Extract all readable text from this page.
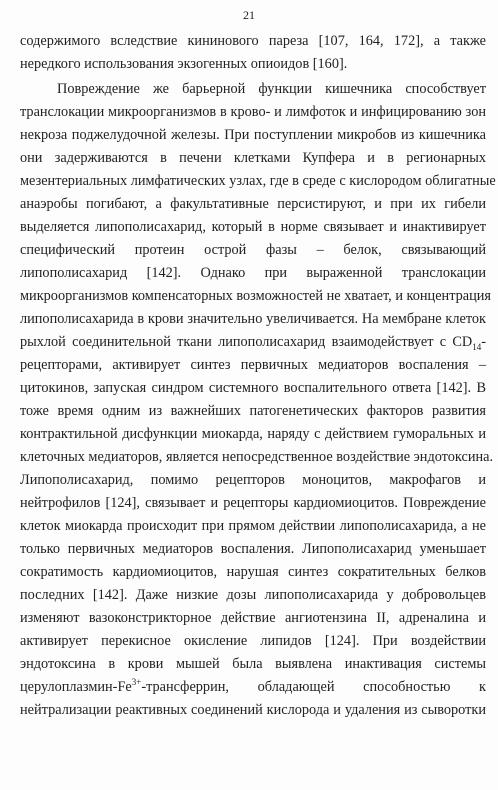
21
содержимого вследствие кининового пареза [107, 164, 172], а также
нередкого использования экзогенных опиоидов [160].
Повреждение же барьерной функции кишечника способствует
транслокации микроорганизмов в крово- и лимфоток и инфицированию зон
некроза поджелудочной железы. При поступлении микробов из кишечника
они задерживаются в печени клетками Купфера и в регионарных
мезентериальных лимфатических узлах, где в среде с кислородом облигатные
анаэробы погибают, а факультативные персистируют, и при их гибели
выделяется липополисахарид, который в норме связывает и инактивирует
специфический протеин острой фазы – белок, связывающий
липополисахарид [142]. Однако при выраженной транслокации
микроорганизмов компенсаторных возможностей не хватает, и концентрация
липополисахарида в крови значительно увеличивается. На мембране клеток
рыхлой соединительной ткани липополисахарид взаимодействует с $CD_{14}-$
рецепторами, активирует синтез первичных медиаторов воспаления –
цитокинов, запуская синдром системного воспалительного ответа [142]. В
тоже время одним из важнейших патогенетических факторов развития
контрактильной дисфункции миокарда, наряду с действием гуморальных и
клеточных медиаторов, является непосредственное воздействие эндотоксина.
Липополисахарид, помимо рецепторов моноцитов, макрофагов и
нейтрофилов [124], связывает и рецепторы кардиомиоцитов. Повреждение
клеток миокарда происходит при прямом действии липополисахарида, а не
только первичных медиаторов воспаления. Липополисахарид уменьшает
сократимость кардиомиоцитов, нарушая синтез сократительных белков
последних [142]. Даже низкие дозы липополисахарида у добровольцев
изменяют вазоконстрикторное действие ангиотензина II, адреналина и
активирует перекисное окисление липидов [124]. При воздействии
эндотоксина в крови мышей была выявлена инактивация системы
церулоплазмин-$Fe^{3+}$-трансферрин, обладающей способностью к
нейтрализации реактивных соединений кислорода и удаления из сыворотки
